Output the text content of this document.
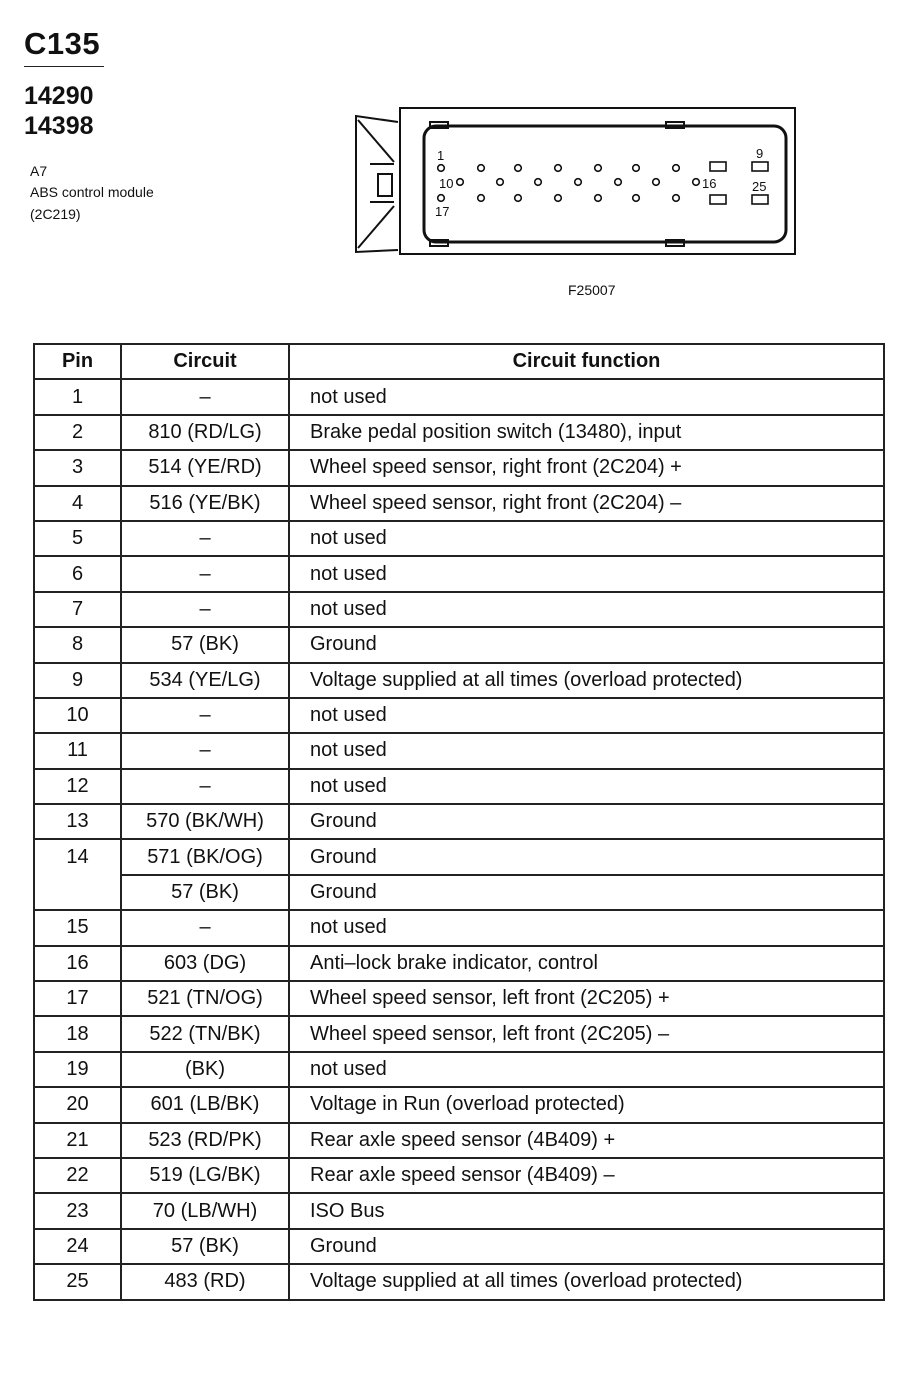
C135
14290
14398
A7
ABS control module
(2C219)
1	9
10	16
17
25
F25007
Pin	Circuit	Circuit function
1	–	not used
2	810 (RD/LG)	Brake pedal position switch (13480), input
3	514 (YE/RD)	Wheel speed sensor, right front (2C204) +
4	516 (YE/BK)	Wheel speed sensor, right front (2C204) –
5	–	not used
6	–	not used
7	–	not used
8	57 (BK)	Ground
9	534 (YE/LG)	Voltage supplied at all times (overload protected)
10	–	not used
11	–	not used
12	–	not used
13	570 (BK/WH)	Ground
14	571 (BK/OG)	Ground
	57 (BK)	Ground
15	–	not used
16	603 (DG)	Anti–lock brake indicator, control
17	521 (TN/OG)	Wheel speed sensor, left front (2C205) +
18	522 (TN/BK)	Wheel speed sensor, left front (2C205) –
19	(BK)	not used
20	601 (LB/BK)	Voltage in Run (overload protected)
21	523 (RD/PK)	Rear axle speed sensor (4B409) +
22	519 (LG/BK)	Rear axle speed sensor (4B409) –
23	70 (LB/WH)	ISO Bus
24	57 (BK)	Ground
25	483 (RD)	Voltage supplied at all times (overload protected)
